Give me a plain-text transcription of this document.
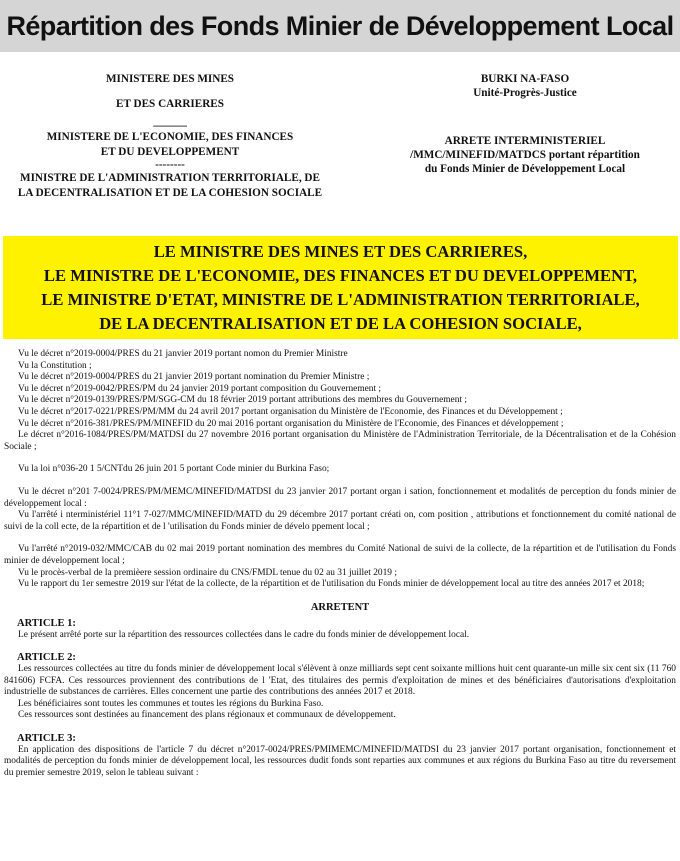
Répartition des Fonds Minier de Développement Local

MINISTERE DES MINES

ET DES CARRIERES

______

MINISTERE DE L'ECONOMIE, DES FINANCES

ET DU DEVELOPPEMENT

--------

MINISTRE DE L'ADMINISTRATION TERRITORIALE, DE

LA DECENTRALISATION ET DE LA COHESION SOCIALE

BURKI NA-FASO

Unité-Progrès-Justice

ARRETE INTERMINISTERIEL

/MMC/MINEFID/MATDCS portant répartition

du Fonds Minier de Développement Local

LE MINISTRE DES MINES ET DES CARRIERES,

LE MINISTRE DE L'ECONOMIE, DES FINANCES ET DU DEVELOPPEMENT,

LE MINISTRE D'ETAT, MINISTRE DE L'ADMINISTRATION TERRITORIALE,

DE LA DECENTRALISATION ET DE LA COHESION SOCIALE,

Vu le décret n°2019-0004/PRES du 21 janvier 2019 portant nomon du Premier Ministre

Vu la Constitution ;

Vu le décret n°2019-0004/PRES du 21 janvier 2019 portant nomination du Premier Ministre ;

Vu le décret n°2019-0042/PRES/PM du 24 janvier 2019 portant composition du Gouvernement ;

Vu le décret n°2019-0139/PRES/PM/SGG-CM du 18 février 2019 portant attributions des membres du Gouvernement ;

Vu le décret n°2017-0221/PRES/PM/MM du 24 avril 2017 portant organisation du Ministère de l'Economie, des Finances et du Développement ;

Vu le décret n°2016-381/PRES/PM/MINEFID du 20 mai 2016 portant organisation du Ministère de l'Economie, des Finances et développement ;

Le décret n°2016-1084/PRES/PM/MATDSI du 27 novembre 2016 portant organisation du Ministère de l'Administration Territoriale, de la Décentralisation et de la Cohésion Sociale ;

Vu la loi n°036-20 1 5/CNTdu 26 juin 201 5 portant Code minier du Burkina Faso;

Vu le décret n°201 7-0024/PRES/PM/MEMC/MINEFID/MATDSI du 23 janvier 2017 portant organ i sation, fonctionnement et modalités de perception du fonds minier de développement local :

Vu l'arrêté i nterministériel 11°1 7-027/MMC/MINEFID/MATD du 29 décembre 2017 portant créati on, com position , attributions et fonctionnement du comité national de suivi de la coll ecte, de la répartition et de l 'utilisation du Fonds minier de dévelo ppement local ;

Vu l'arrêté n°2019-032/MMC/CAB du 02 mai 2019 portant nomination des membres du Comité National de suivi de la collecte, de la répartition et de l'utilisation du Fonds minier de développement local ;

Vu le procès-verbal de la premièere session ordinaire du CNS/FMDL tenue du 02 au 31 juillet 2019 ;

Vu le rapport du 1er semestre 2019 sur l'état de la collecte, de la répartition et de l'utilisation du Fonds minier de développement local au titre des années 2017 et 2018;

ARRETENT

ARTICLE 1:

Le présent arrêté porte sur la répartition des ressources collectées dans le cadre du fonds minier de développement local.

ARTICLE 2:

Les ressources collectées au titre du fonds minier de développement local s'élèvent à onze milliards sept cent soixante millions huit cent quarante-un mille six cent six (11 760 841606) FCFA. Ces ressources proviennent des contributions de l 'Etat, des titulaires des permis d'exploitation de mines et des bénéficiaires d'autorisations d'exploitation industrielle de substances de carrières. Elles concernent une partie des contributions des années 2017 et 2018.

Les bénéficiaires sont toutes les communes et toutes les régions du Burkina Faso.

Ces ressources sont destinées au financement des plans régionaux et communaux de développement.

ARTICLE 3:

En application des dispositions de l'article 7 du décret n°2017-0024/PRES/PMIMEMC/MINEFID/MATDSI du 23 janvier 2017 portant organisation, fonctionnement et modalités de perception du fonds minier de développement local, les ressources dudit fonds sont reparties aux communes et aux régions du Burkina Faso au titre du reversement du premier semestre 2019, selon le tableau suivant :
